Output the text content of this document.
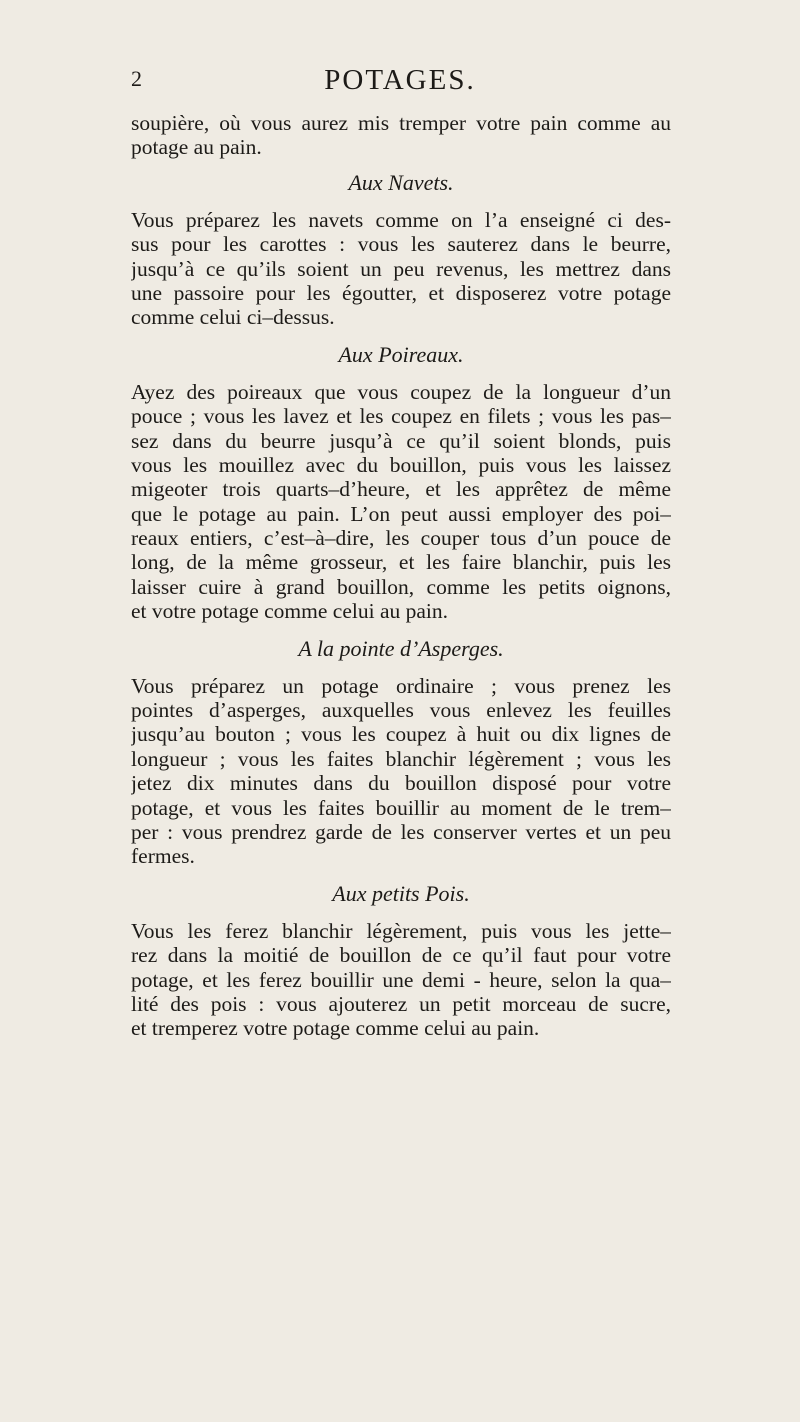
2	POTAGES.
soupière, où vous aurez mis tremper votre pain comme au
potage au pain.
Aux Navets.
Vous préparez les navets comme on l’a enseigné ci des-
sus pour les carottes : vous les sauterez dans le beurre,
jusqu’à ce qu’ils soient un peu revenus, les mettrez dans
une passoire pour les égoutter, et disposerez votre potage
comme celui ci–dessus.
Aux Poireaux.
Ayez des poireaux que vous coupez de la longueur d’un
pouce ; vous les lavez et les coupez en filets ; vous les pas–
sez dans du beurre jusqu’à ce qu’il soient blonds, puis
vous les mouillez avec du bouillon, puis vous les laissez
migeoter trois quarts–d’heure, et les apprêtez de même
que le potage au pain. L’on peut aussi employer des poi–
reaux entiers, c’est–à–dire, les couper tous d’un pouce de
long, de la même grosseur, et les faire blanchir, puis les
laisser cuire à grand bouillon, comme les petits oignons,
et votre potage comme celui au pain.
A la pointe d’Asperges.
Vous préparez un potage ordinaire ; vous prenez les
pointes d’asperges, auxquelles vous enlevez les feuilles
jusqu’au bouton ; vous les coupez à huit ou dix lignes de
longueur ; vous les faites blanchir légèrement ; vous les
jetez dix minutes dans du bouillon disposé pour votre
potage, et vous les faites bouillir au moment de le trem–
per : vous prendrez garde de les conserver vertes et un peu
fermes.
Aux petits Pois.
Vous les ferez blanchir légèrement, puis vous les jette–
rez dans la moitié de bouillon de ce qu’il faut pour votre
potage, et les ferez bouillir une demi - heure, selon la qua–
lité des pois : vous ajouterez un petit morceau de sucre,
et tremperez votre potage comme celui au pain.
